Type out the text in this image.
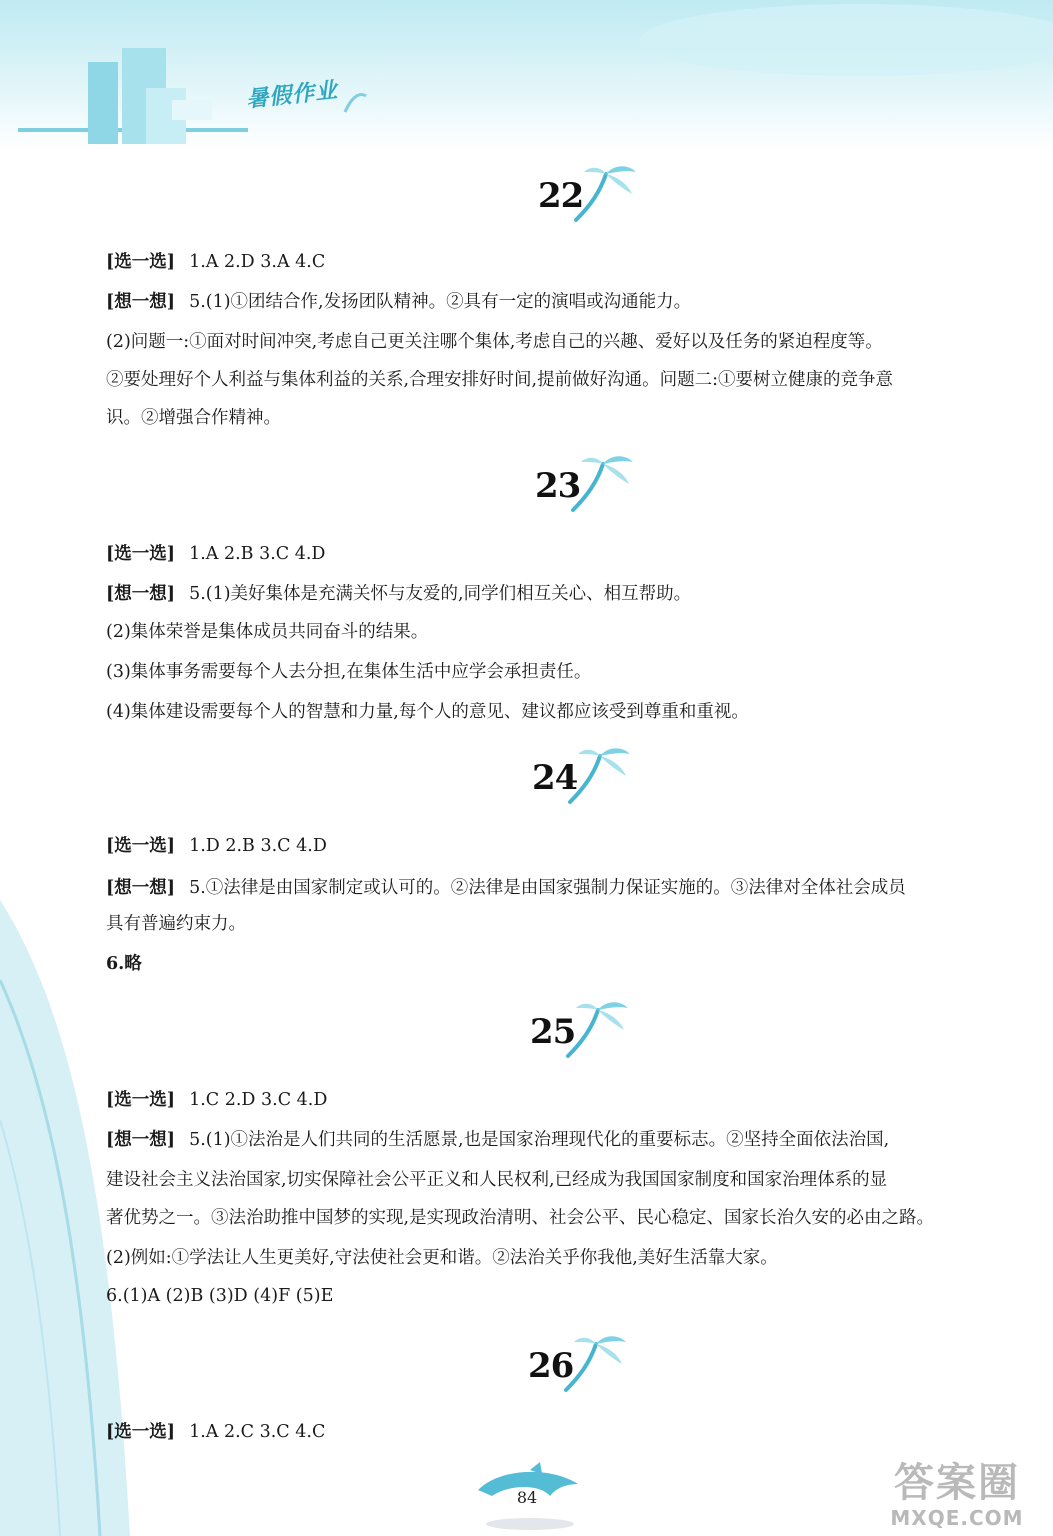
暑假作业
22
[选一选] 1.A 2.D 3.A 4.C
[想一想] 5.(1)①团结合作,发扬团队精神。②具有一定的演唱或沟通能力。
(2)问题一:①面对时间冲突,考虑自己更关注哪个集体,考虑自己的兴趣、爱好以及任务的紧迫程度等。
②要处理好个人利益与集体利益的关系,合理安排好时间,提前做好沟通。问题二:①要树立健康的竞争意
识。②增强合作精神。
23
[选一选] 1.A 2.B 3.C 4.D
[想一想] 5.(1)美好集体是充满关怀与友爱的,同学们相互关心、相互帮助。
(2)集体荣誉是集体成员共同奋斗的结果。
(3)集体事务需要每个人去分担,在集体生活中应学会承担责任。
(4)集体建设需要每个人的智慧和力量,每个人的意见、建议都应该受到尊重和重视。
24
[选一选] 1.D 2.B 3.C 4.D
[想一想] 5.①法律是由国家制定或认可的。②法律是由国家强制力保证实施的。③法律对全体社会成员
具有普遍约束力。
6.略
25
[选一选] 1.C 2.D 3.C 4.D
[想一想] 5.(1)①法治是人们共同的生活愿景,也是国家治理现代化的重要标志。②坚持全面依法治国,
建设社会主义法治国家,切实保障社会公平正义和人民权利,已经成为我国国家制度和国家治理体系的显
著优势之一。③法治助推中国梦的实现,是实现政治清明、社会公平、民心稳定、国家长治久安的必由之路。
(2)例如:①学法让人生更美好,守法使社会更和谐。②法治关乎你我他,美好生活靠大家。
6.(1)A (2)B (3)D (4)F (5)E
26
[选一选] 1.A 2.C 3.C 4.C
84	答案圈
MXQE.COM
